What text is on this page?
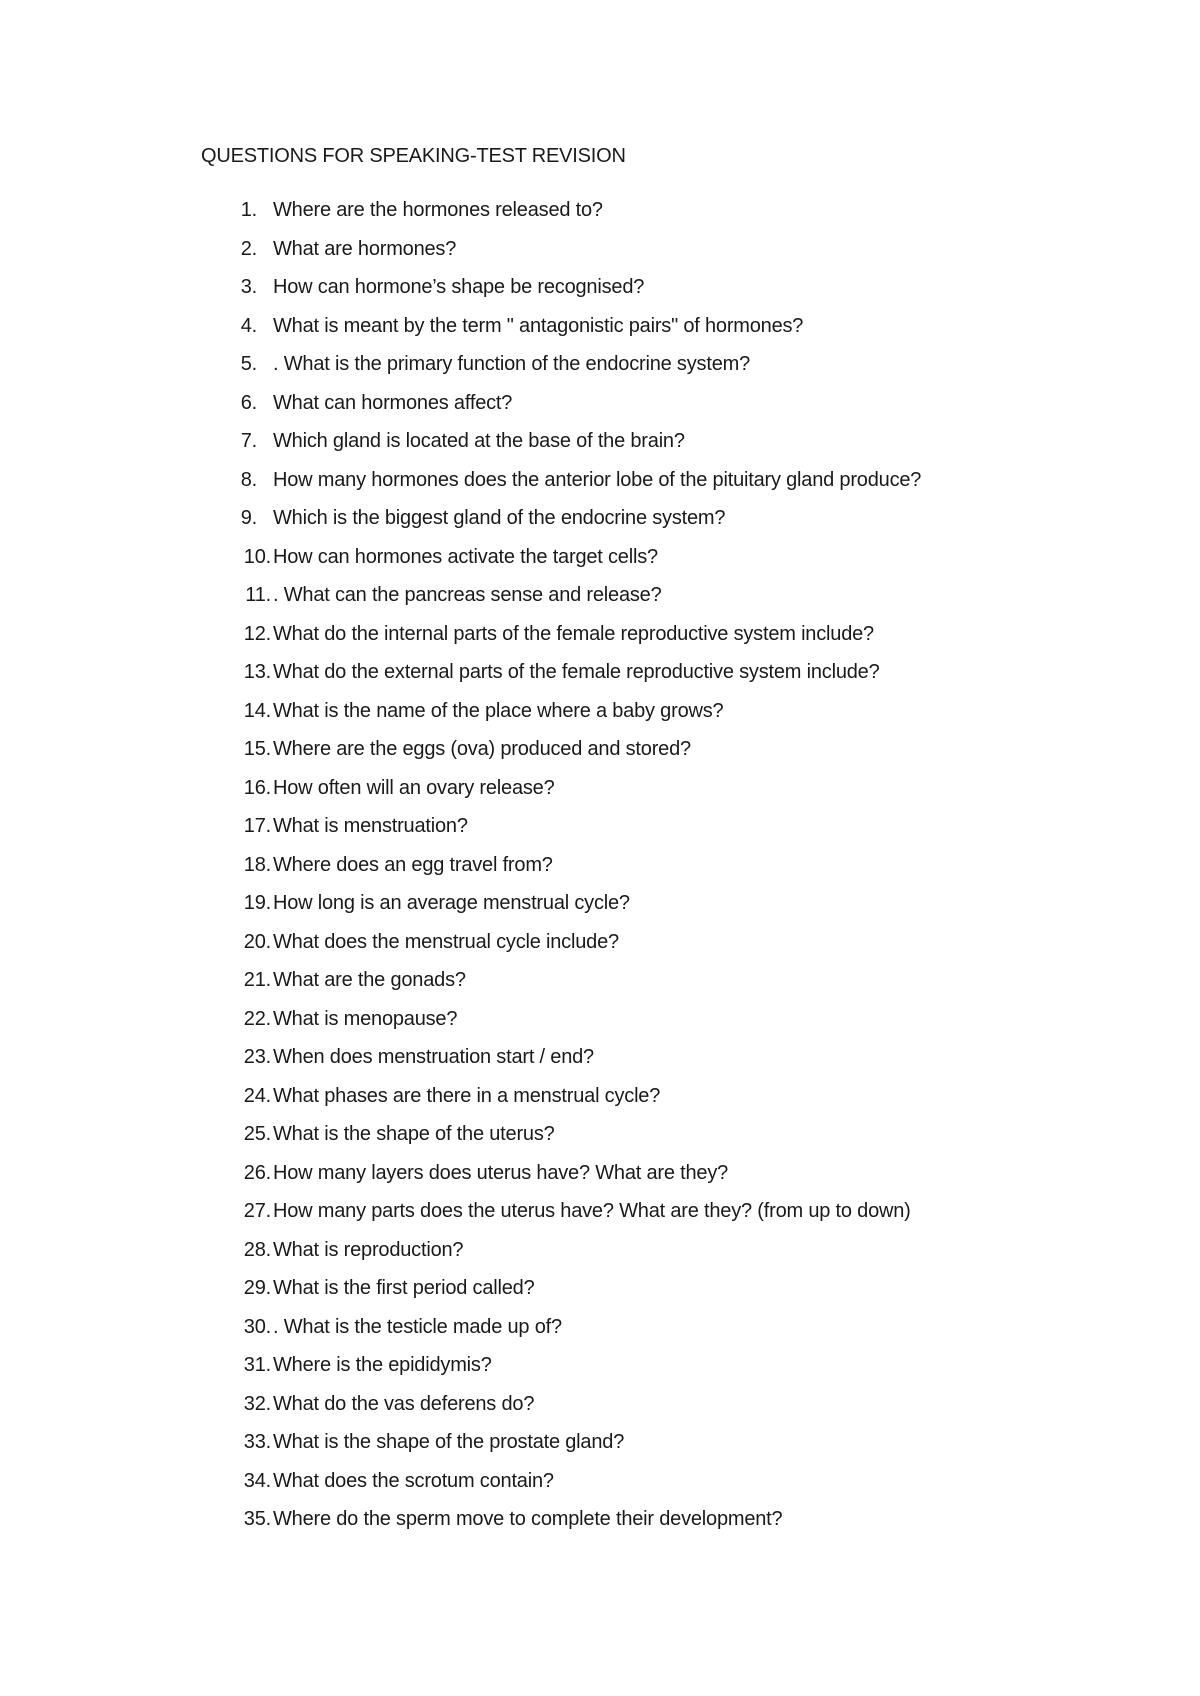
QUESTIONS FOR SPEAKING-TEST REVISION
1. Where are the hormones released to?
2. What are hormones?
3. How can hormone’s shape be recognised?
4. What is meant by the term " antagonistic pairs" of hormones?
5. . What is the primary function of the endocrine system?
6. What can hormones affect?
7. Which gland is located at the base of the brain?
8. How many hormones does the anterior lobe of the pituitary gland produce?
9. Which is the biggest gland of the endocrine system?
10. How can hormones activate the target cells?
11. . What can the pancreas sense and release?
12. What do the internal parts of the female reproductive system include?
13. What do the external parts of the female reproductive system include?
14. What is the name of the place where a baby grows?
15. Where are the eggs (ova) produced and stored?
16. How often will an ovary release?
17. What is menstruation?
18. Where does an egg travel from?
19. How long is an average menstrual cycle?
20. What does the menstrual cycle include?
21. What are the gonads?
22. What is menopause?
23. When does menstruation start / end?
24. What phases are there in a menstrual cycle?
25. What is the shape of the uterus?
26. How many layers does uterus have? What are they?
27. How many parts does the uterus have? What are they? (from up to down)
28. What is reproduction?
29. What is the first period called?
30. . What is the testicle made up of?
31. Where is the epididymis?
32. What do the vas deferens do?
33. What is the shape of the prostate gland?
34. What does the scrotum contain?
35. Where do the sperm move to complete their development?
